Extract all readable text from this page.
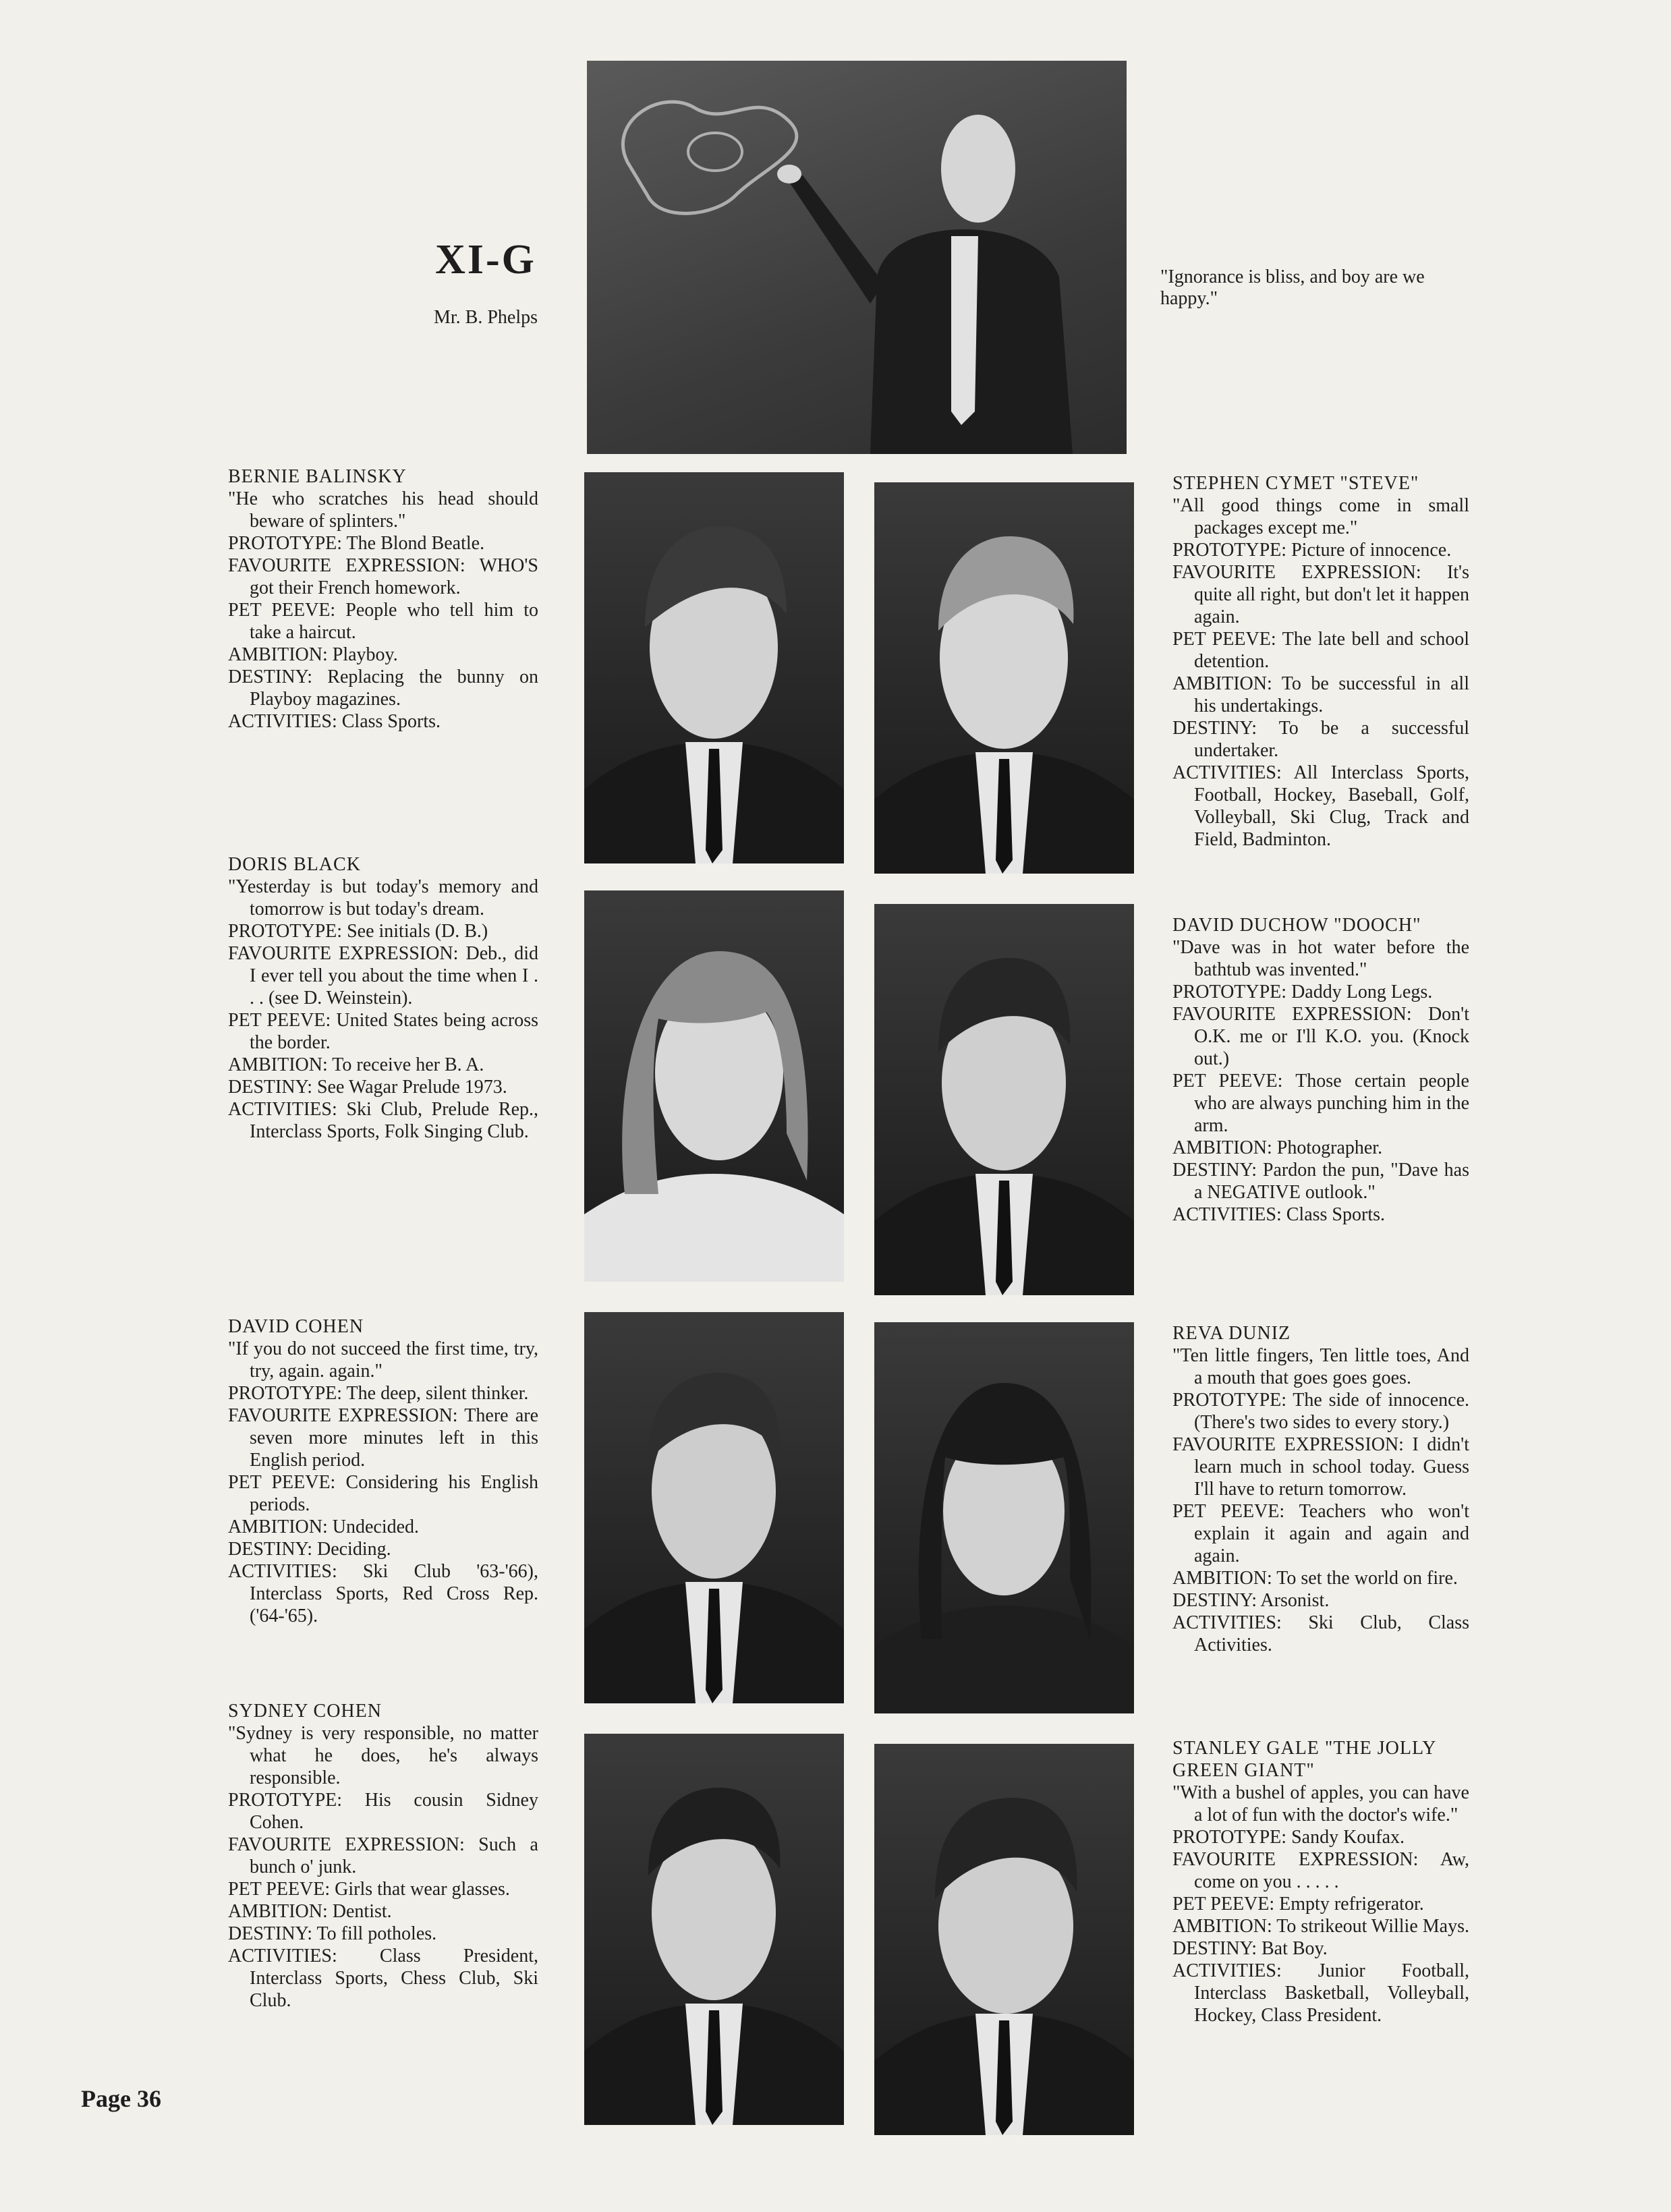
XI-G
Mr. B. Phelps
"Ignorance is bliss, and boy are we happy."
BERNIE BALINSKY
"He who scratches his head should beware of splinters."
PROTOTYPE: The Blond Beatle.
FAVOURITE EXPRESSION: WHO'S got their French homework.
PET PEEVE: People who tell him to take a haircut.
AMBITION: Playboy.
DESTINY: Replacing the bunny on Playboy magazines.
ACTIVITIES: Class Sports.
DORIS BLACK
"Yesterday is but today's memory and tomorrow is but today's dream.
PROTOTYPE: See initials (D. B.)
FAVOURITE EXPRESSION: Deb., did I ever tell you about the time when I . . . (see D. Weinstein).
PET PEEVE: United States being across the border.
AMBITION: To receive her B. A.
DESTINY: See Wagar Prelude 1973.
ACTIVITIES: Ski Club, Prelude Rep., Interclass Sports, Folk Singing Club.
DAVID COHEN
"If you do not succeed the first time, try, try, again. again."
PROTOTYPE: The deep, silent thinker.
FAVOURITE EXPRESSION: There are seven more minutes left in this English period.
PET PEEVE: Considering his English periods.
AMBITION: Undecided.
DESTINY: Deciding.
ACTIVITIES: Ski Club '63-'66), Interclass Sports, Red Cross Rep. ('64-'65).
SYDNEY COHEN
"Sydney is very responsible, no matter what he does, he's always responsible.
PROTOTYPE: His cousin Sidney Cohen.
FAVOURITE EXPRESSION: Such a bunch o' junk.
PET PEEVE: Girls that wear glasses.
AMBITION: Dentist.
DESTINY: To fill potholes.
ACTIVITIES: Class President, Interclass Sports, Chess Club, Ski Club.
STEPHEN CYMET "STEVE"
"All good things come in small packages except me."
PROTOTYPE: Picture of innocence.
FAVOURITE EXPRESSION: It's quite all right, but don't let it happen again.
PET PEEVE: The late bell and school detention.
AMBITION: To be successful in all his undertakings.
DESTINY: To be a successful undertaker.
ACTIVITIES: All Interclass Sports, Football, Hockey, Baseball, Golf, Volleyball, Ski Clug, Track and Field, Badminton.
DAVID DUCHOW "DOOCH"
"Dave was in hot water before the bathtub was invented."
PROTOTYPE: Daddy Long Legs.
FAVOURITE EXPRESSION: Don't O.K. me or I'll K.O. you. (Knock out.)
PET PEEVE: Those certain people who are always punching him in the arm.
AMBITION: Photographer.
DESTINY: Pardon the pun, "Dave has a NEGATIVE outlook."
ACTIVITIES: Class Sports.
REVA DUNIZ
"Ten little fingers, Ten little toes, And a mouth that goes goes goes.
PROTOTYPE: The side of innocence. (There's two sides to every story.)
FAVOURITE EXPRESSION: I didn't learn much in school today. Guess I'll have to return tomorrow.
PET PEEVE: Teachers who won't explain it again and again and again.
AMBITION: To set the world on fire.
DESTINY: Arsonist.
ACTIVITIES: Ski Club, Class Activities.
STANLEY GALE "THE JOLLY GREEN GIANT"
"With a bushel of apples, you can have a lot of fun with the doctor's wife."
PROTOTYPE: Sandy Koufax.
FAVOURITE EXPRESSION: Aw, come on you . . . . .
PET PEEVE: Empty refrigerator.
AMBITION: To strikeout Willie Mays.
DESTINY: Bat Boy.
ACTIVITIES: Junior Football, Interclass Basketball, Volleyball, Hockey, Class President.
Page 36
